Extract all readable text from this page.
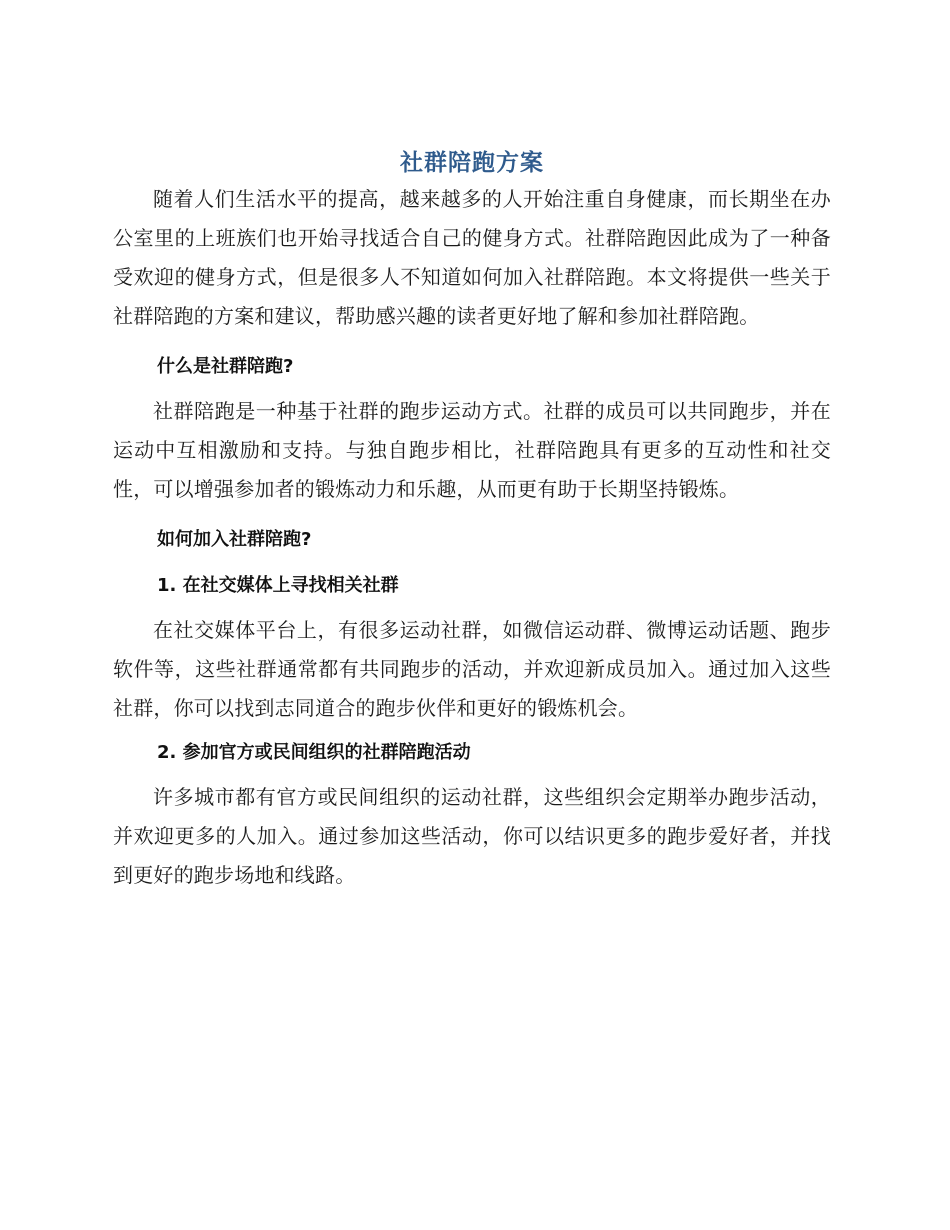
社群陪跑方案

随着人们生活水平的提高，越来越多的人开始注重自身健康，而长期坐在办公室里的上班族们也开始寻找适合自己的健身方式。社群陪跑因此成为了一种备受欢迎的健身方式，但是很多人不知道如何加入社群陪跑。本文将提供一些关于社群陪跑的方案和建议，帮助感兴趣的读者更好地了解和参加社群陪跑。

什么是社群陪跑?

社群陪跑是一种基于社群的跑步运动方式。社群的成员可以共同跑步，并在运动中互相激励和支持。与独自跑步相比，社群陪跑具有更多的互动性和社交性，可以增强参加者的锻炼动力和乐趣，从而更有助于长期坚持锻炼。

如何加入社群陪跑?
1. 在社交媒体上寻找相关社群

在社交媒体平台上，有很多运动社群，如微信运动群、微博运动话题、跑步软件等，这些社群通常都有共同跑步的活动，并欢迎新成员加入。通过加入这些社群，你可以找到志同道合的跑步伙伴和更好的锻炼机会。

2. 参加官方或民间组织的社群陪跑活动

许多城市都有官方或民间组织的运动社群，这些组织会定期举办跑步活动，并欢迎更多的人加入。通过参加这些活动，你可以结识更多的跑步爱好者，并找到更好的跑步场地和线路。
